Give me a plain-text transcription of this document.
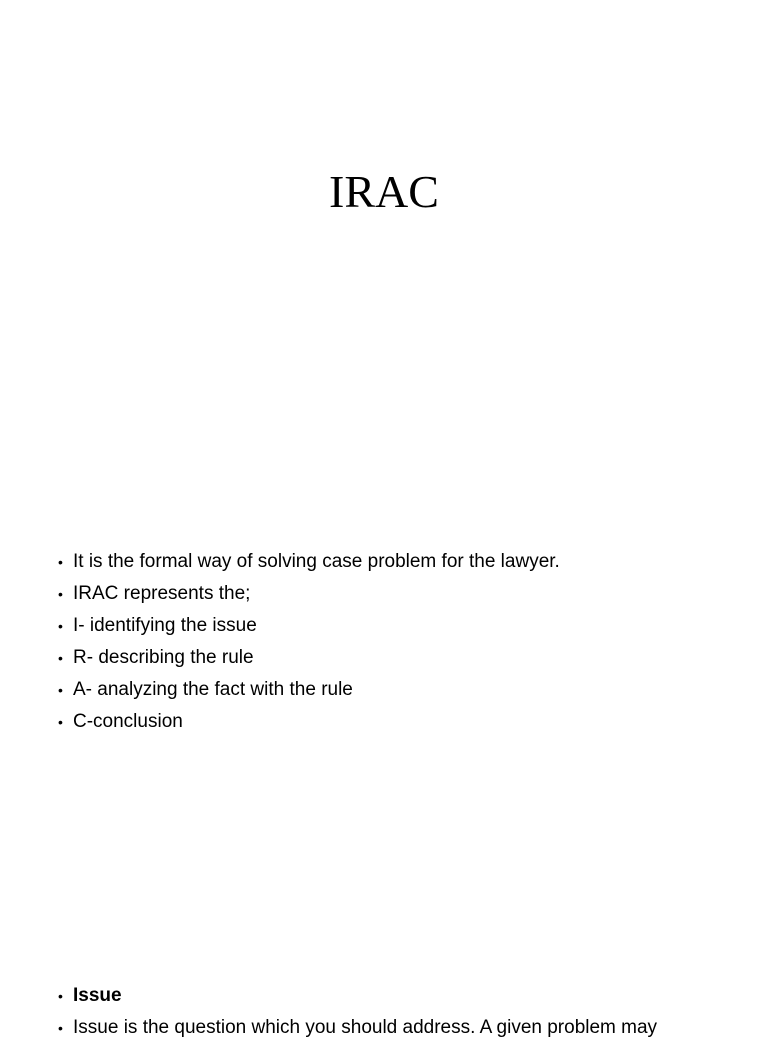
IRAC
• It is the formal way of solving case problem for the lawyer.
• IRAC represents the;
• I- identifying the issue
• R- describing the rule
• A- analyzing the fact with the rule
• C-conclusion
• Issue
• Issue is the question which you should address. A given problem may
